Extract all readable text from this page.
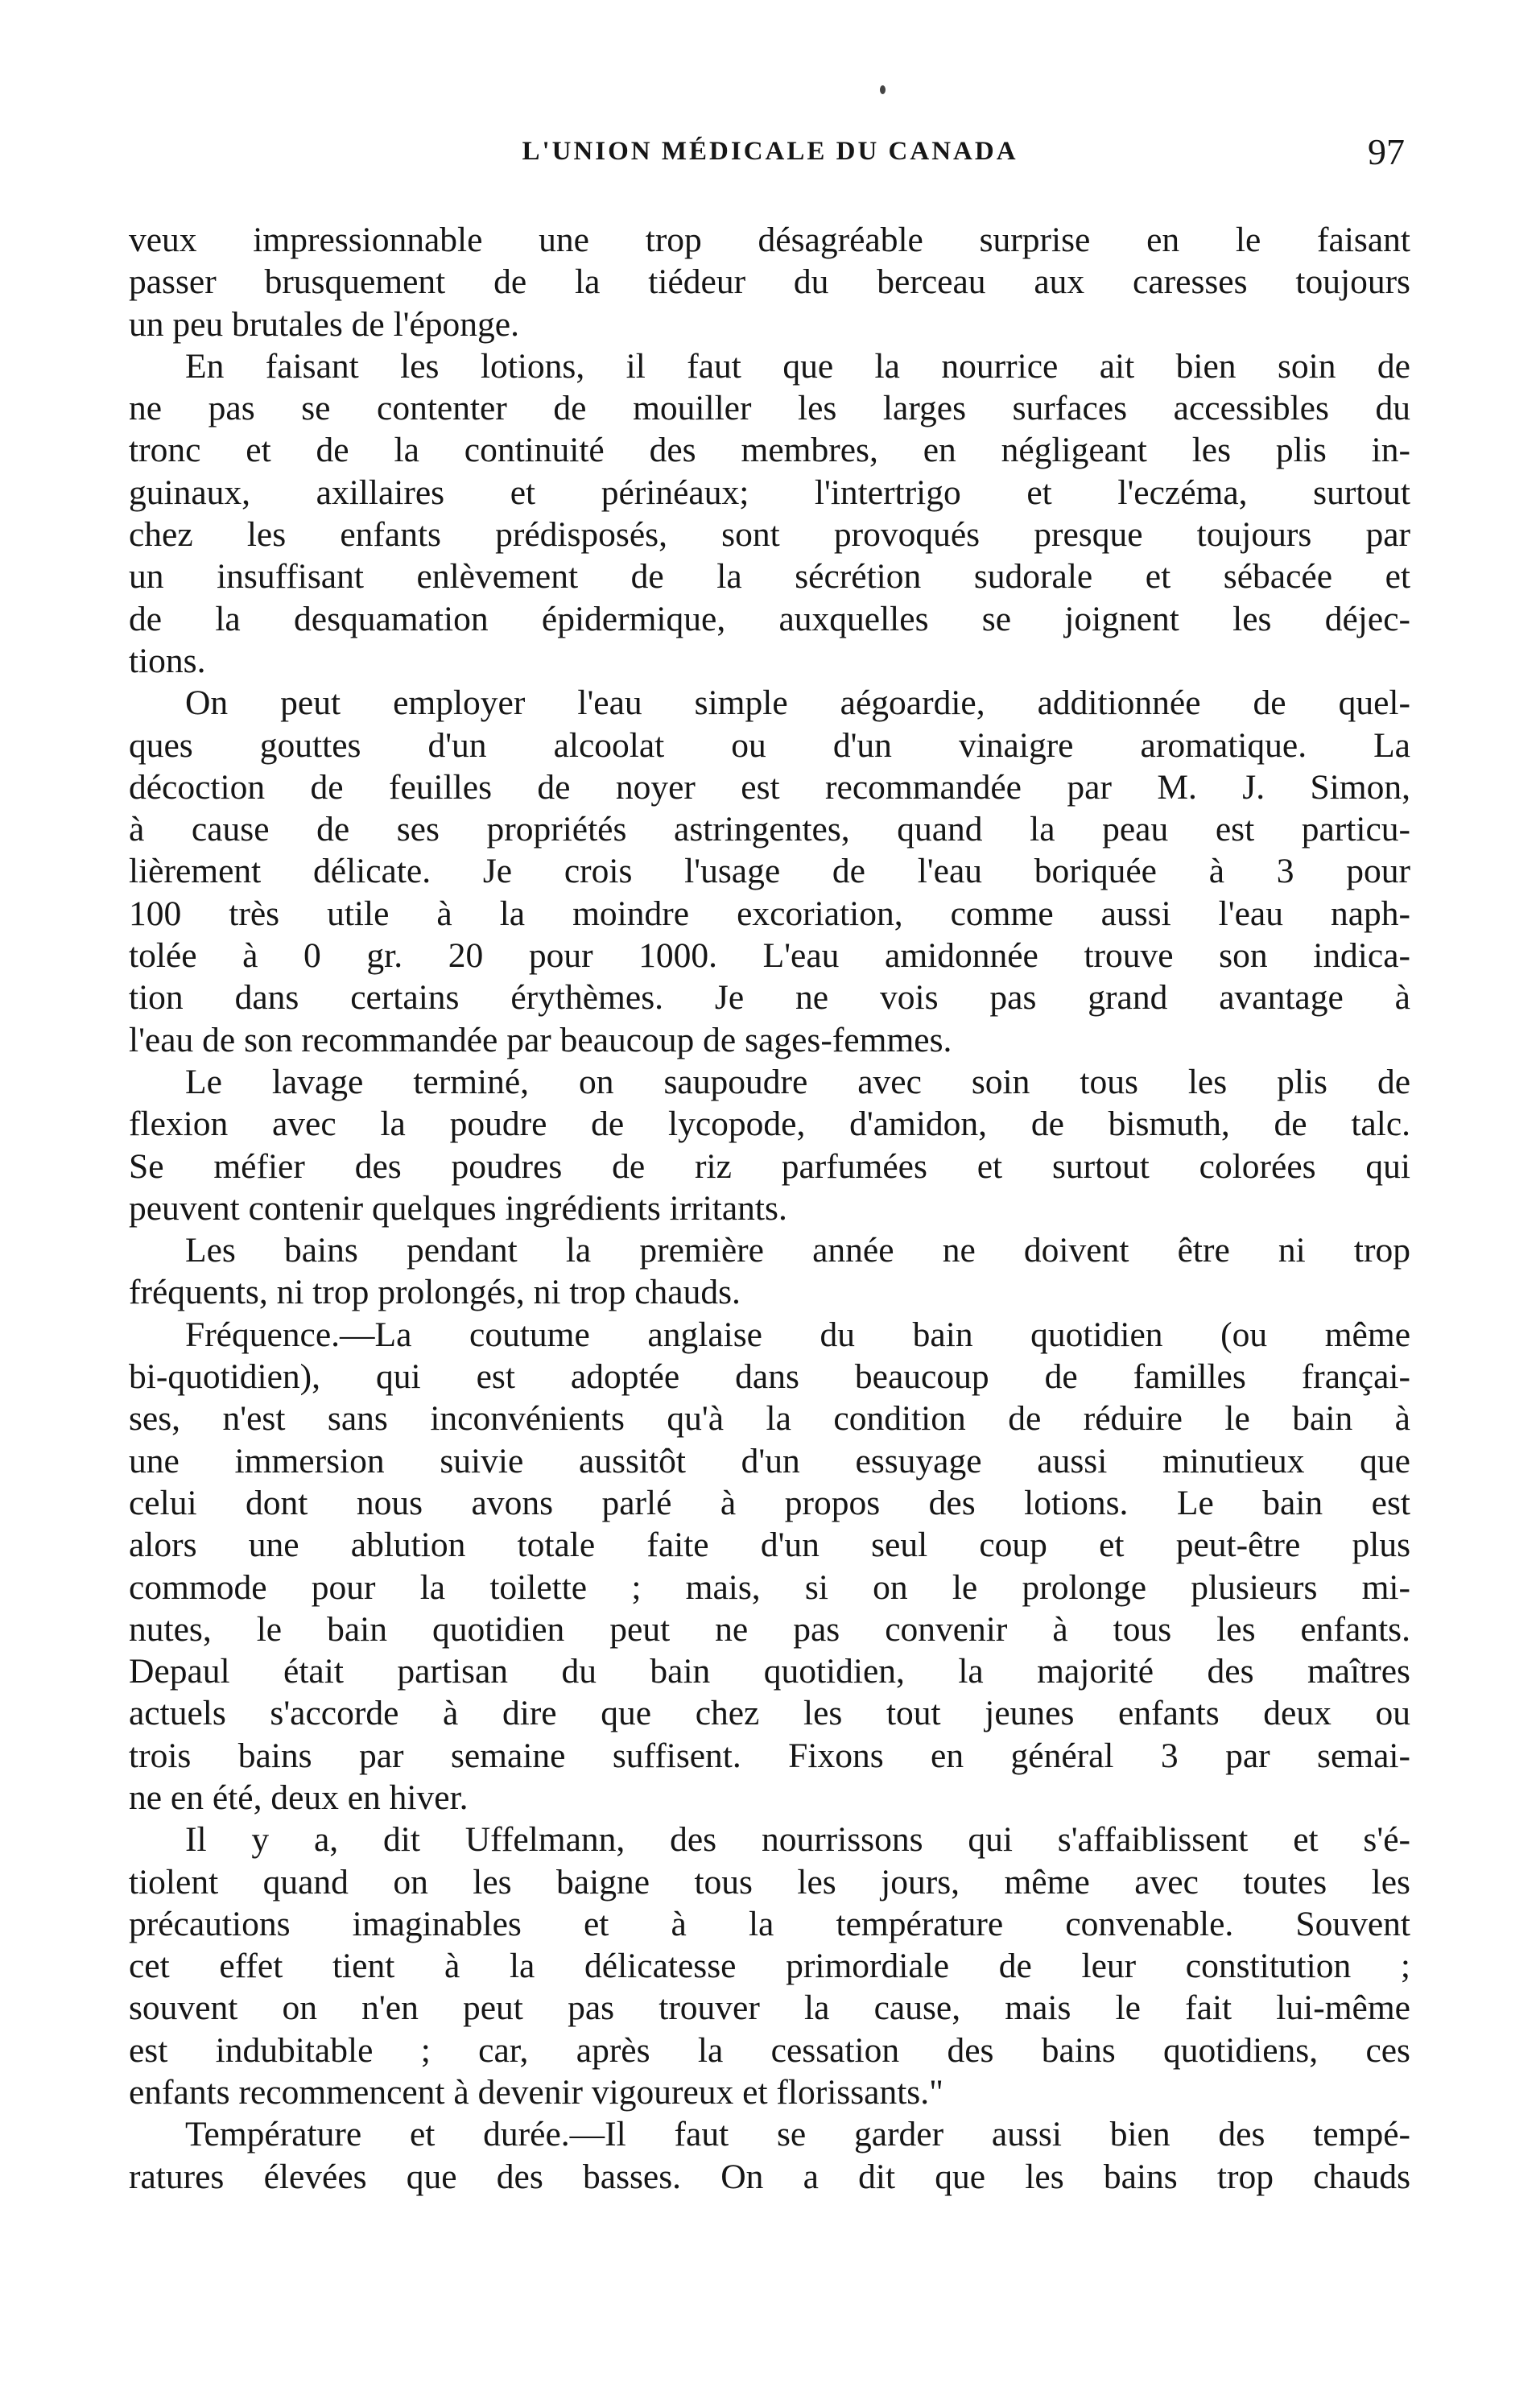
L'UNION MÉDICALE DU CANADA	97
veux impressionnable une trop désagréable surprise en le faisant
passer brusquement de la tiédeur du berceau aux caresses toujours
un peu brutales de l'éponge.
En faisant les lotions, il faut que la nourrice ait bien soin de
ne pas se contenter de mouiller les larges surfaces accessibles du
tronc et de la continuité des membres, en négligeant les plis in-
guinaux, axillaires et périnéaux; l'intertrigo et l'eczéma, surtout
chez les enfants prédisposés, sont provoqués presque toujours par
un insuffisant enlèvement de la sécrétion sudorale et sébacée et
de la desquamation épidermique, auxquelles se joignent les déjec-
tions.
On peut employer l'eau simple aégoardie, additionnée de quel-
ques gouttes d'un alcoolat ou d'un vinaigre aromatique. La
décoction de feuilles de noyer est recommandée par M. J. Simon,
à cause de ses propriétés astringentes, quand la peau est particu-
lièrement délicate. Je crois l'usage de l'eau boriquée à 3 pour
100 très utile à la moindre excoriation, comme aussi l'eau naph-
tolée à 0 gr. 20 pour 1000. L'eau amidonnée trouve son indica-
tion dans certains érythèmes. Je ne vois pas grand avantage à
l'eau de son recommandée par beaucoup de sages-femmes.
Le lavage terminé, on saupoudre avec soin tous les plis de
flexion avec la poudre de lycopode, d'amidon, de bismuth, de talc.
Se méfier des poudres de riz parfumées et surtout colorées qui
peuvent contenir quelques ingrédients irritants.
Les bains pendant la première année ne doivent être ni trop
fréquents, ni trop prolongés, ni trop chauds.
Fréquence.—La coutume anglaise du bain quotidien (ou même
bi-quotidien), qui est adoptée dans beaucoup de familles françai-
ses, n'est sans inconvénients qu'à la condition de réduire le bain à
une immersion suivie aussitôt d'un essuyage aussi minutieux que
celui dont nous avons parlé à propos des lotions. Le bain est
alors une ablution totale faite d'un seul coup et peut-être plus
commode pour la toilette ; mais, si on le prolonge plusieurs mi-
nutes, le bain quotidien peut ne pas convenir à tous les enfants.
Depaul était partisan du bain quotidien, la majorité des maîtres
actuels s'accorde à dire que chez les tout jeunes enfants deux ou
trois bains par semaine suffisent. Fixons en général 3 par semai-
ne en été, deux en hiver.
Il y a, dit Uffelmann, des nourrissons qui s'affaiblissent et s'é-
tiolent quand on les baigne tous les jours, même avec toutes les
précautions imaginables et à la température convenable. Souvent
cet effet tient à la délicatesse primordiale de leur constitution ;
souvent on n'en peut pas trouver la cause, mais le fait lui-même
est indubitable ; car, après la cessation des bains quotidiens, ces
enfants recommencent à devenir vigoureux et florissants."
Température et durée.—Il faut se garder aussi bien des tempé-
ratures élevées que des basses. On a dit que les bains trop chauds
